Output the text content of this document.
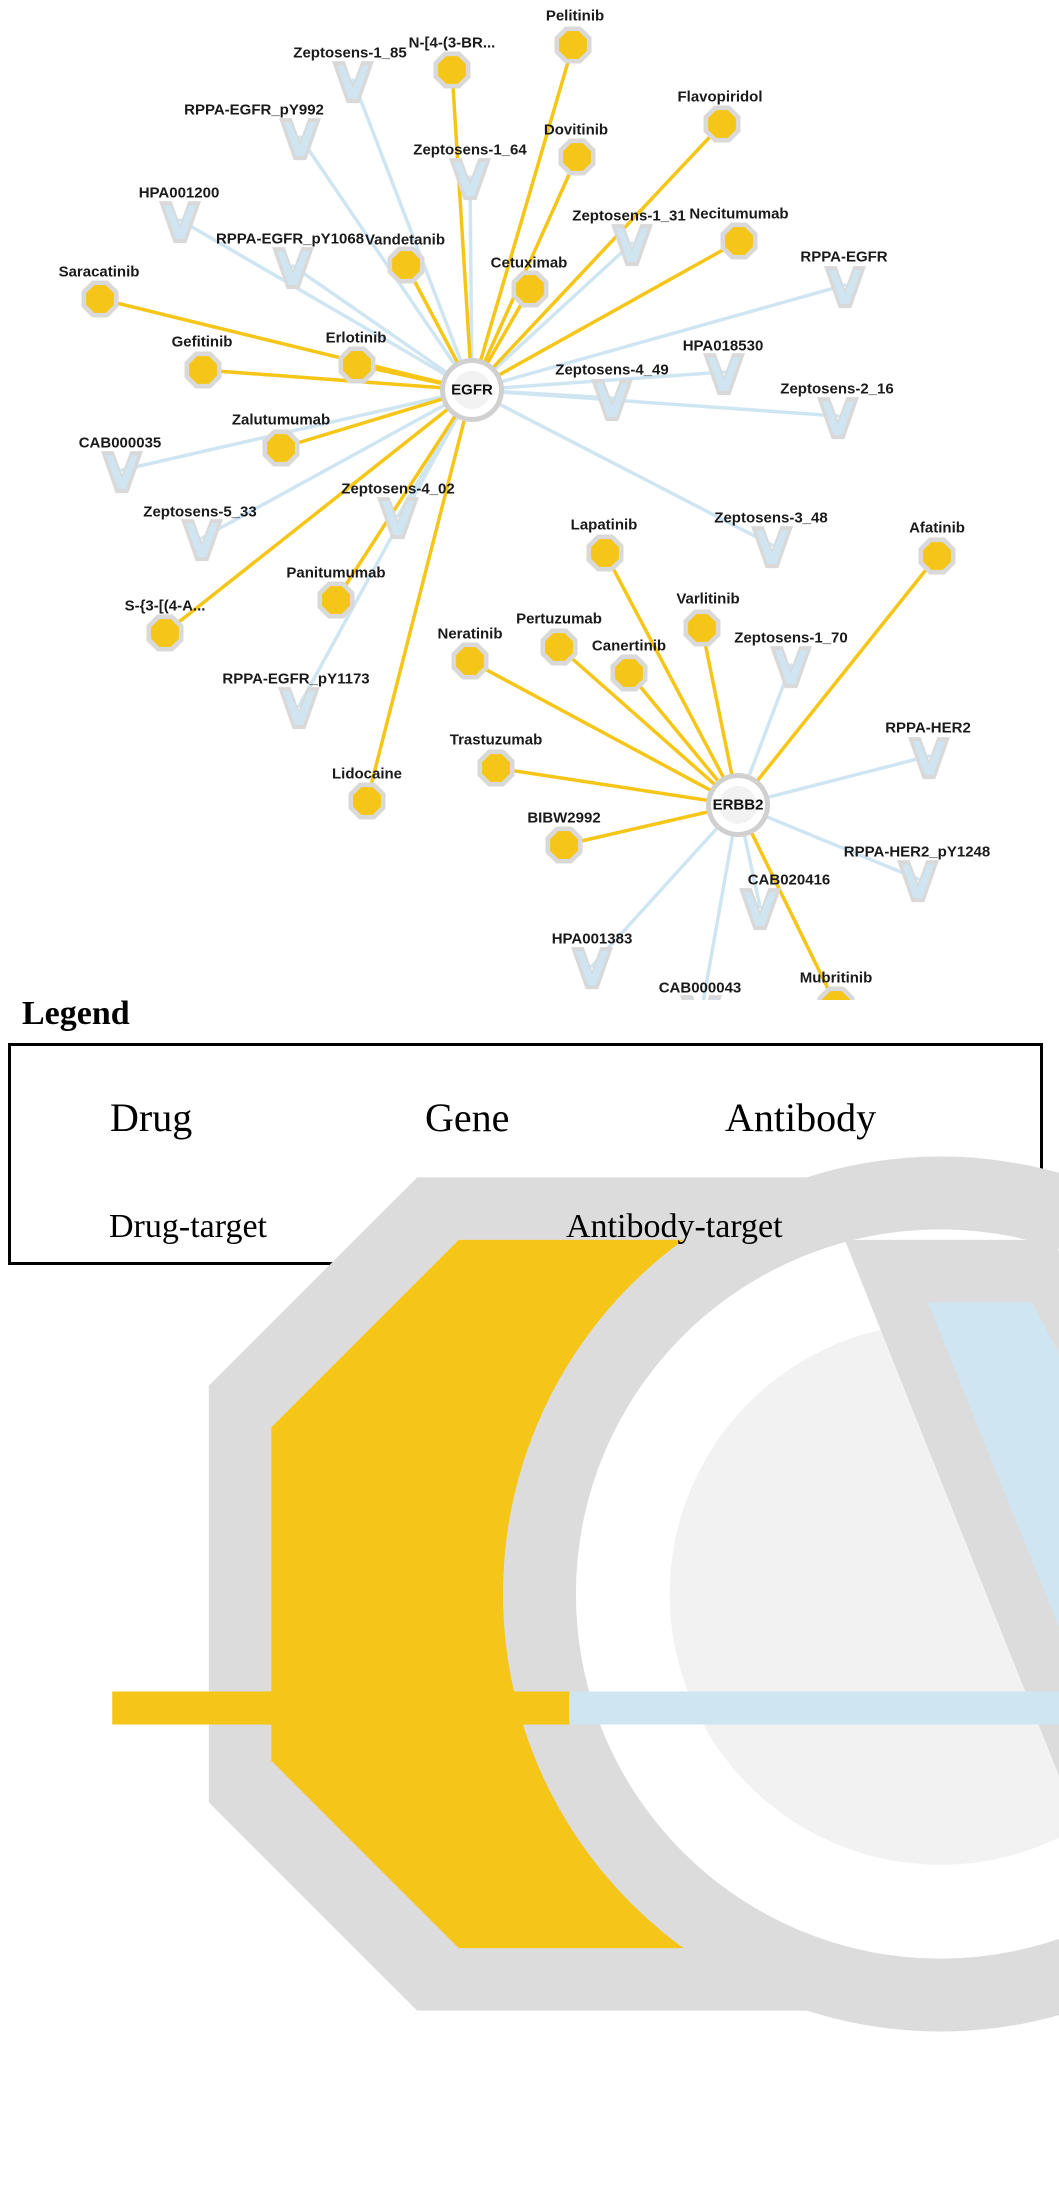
Pelitinib
N-[4-(3-BR...
Flavopiridol
Dovitinib
Vandetanib
Necitumumab
Cetuximab
Saracatinib
Gefitinib	Erlotinib
Zalutumumab
Afatinib
Lapatinib
Varlitinib
Panitumumab
S-{3-[(4-A...
Pertuzumab
Neratinib
Canertinib
Trastuzumab
Lidocaine
BIBW2992
Mubritinib
Zeptosens-1_85
RPPA-EGFR_pY992
Zeptosens-1_64
HPA001200
Zeptosens-1_31
RPPA-EGFR_pY1068
RPPA-EGFR
HPA018530
Zeptosens-4_49
Zeptosens-2_16
CAB000035
Zeptosens-5_33
Zeptosens-4_02
Zeptosens-3_48
Zeptosens-1_70
RPPA-EGFR_pY1173
RPPA-HER2
RPPA-HER2_pY1248
CAB020416
HPA001383
CAB000043
EGFR
ERBB2
Legend
Drug	Gene	Antibody
Drug-target	Antibody-target
